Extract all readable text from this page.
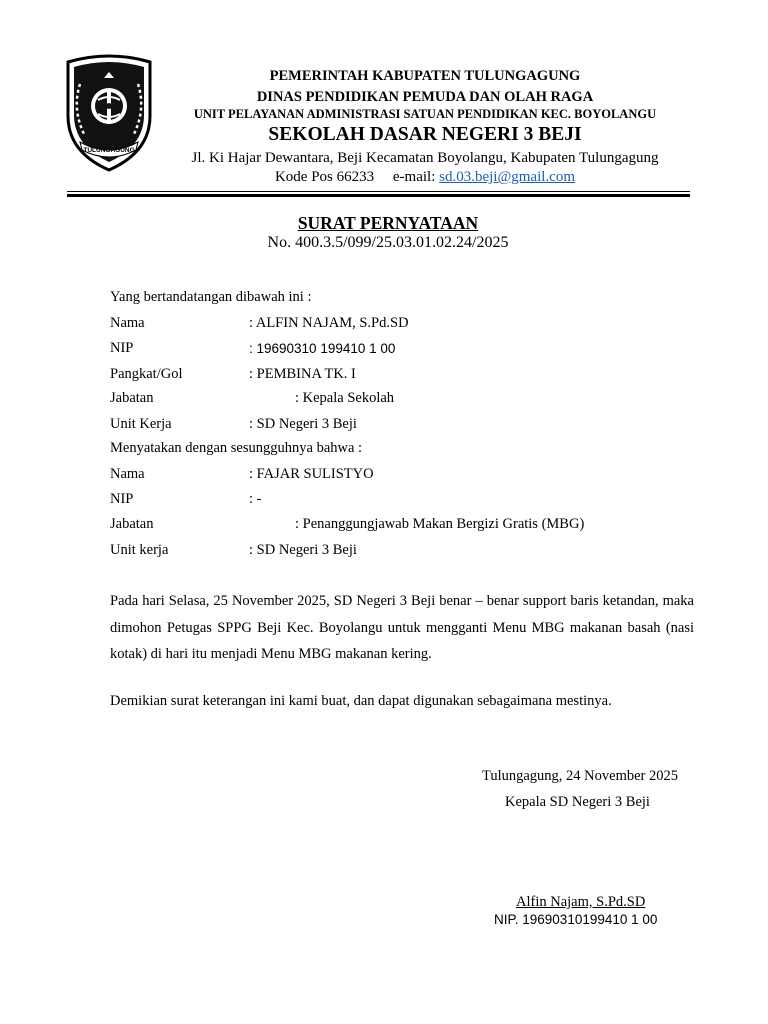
TULUNGAGUNG
PEMERINTAH KABUPATEN TULUNGAGUNG
DINAS PENDIDIKAN PEMUDA DAN OLAH RAGA
UNIT PELAYANAN ADMINISTRASI SATUAN PENDIDIKAN KEC. BOYOLANGU
SEKOLAH DASAR NEGERI 3 BEJI
Jl. Ki Hajar Dewantara, Beji Kecamatan Boyolangu, Kabupaten Tulungagung
Kode Pos 66233 e-mail: sd.03.beji@gmail.com
SURAT PERNYATAAN
No. 400.3.5/099/25.03.01.02.24/2025
Yang bertandatangan dibawah ini :
Nama	: ALFIN NAJAM, S.Pd.SD
NIP	: 19690310 199410 1 00
Pangkat/Gol	: PEMBINA TK. I
Jabatan	: Kepala Sekolah
Unit Kerja	: SD Negeri 3 Beji
Menyatakan dengan sesungguhnya bahwa :
Nama	: FAJAR SULISTYO
NIP	: -
Jabatan	: Penanggungjawab Makan Bergizi Gratis (MBG)
Unit kerja	: SD Negeri 3 Beji
Pada hari Selasa, 25 November 2025, SD Negeri 3 Beji benar – benar support baris ketandan, maka dimohon Petugas SPPG Beji Kec. Boyolangu untuk mengganti Menu MBG makanan basah (nasi kotak) di hari itu menjadi Menu MBG makanan kering.
Demikian surat keterangan ini kami buat, dan dapat digunakan sebagaimana mestinya.
Tulungagung, 24 November 2025
Kepala SD Negeri 3 Beji
Alfin Najam, S.Pd.SD
NIP. 19690310199410 1 00
